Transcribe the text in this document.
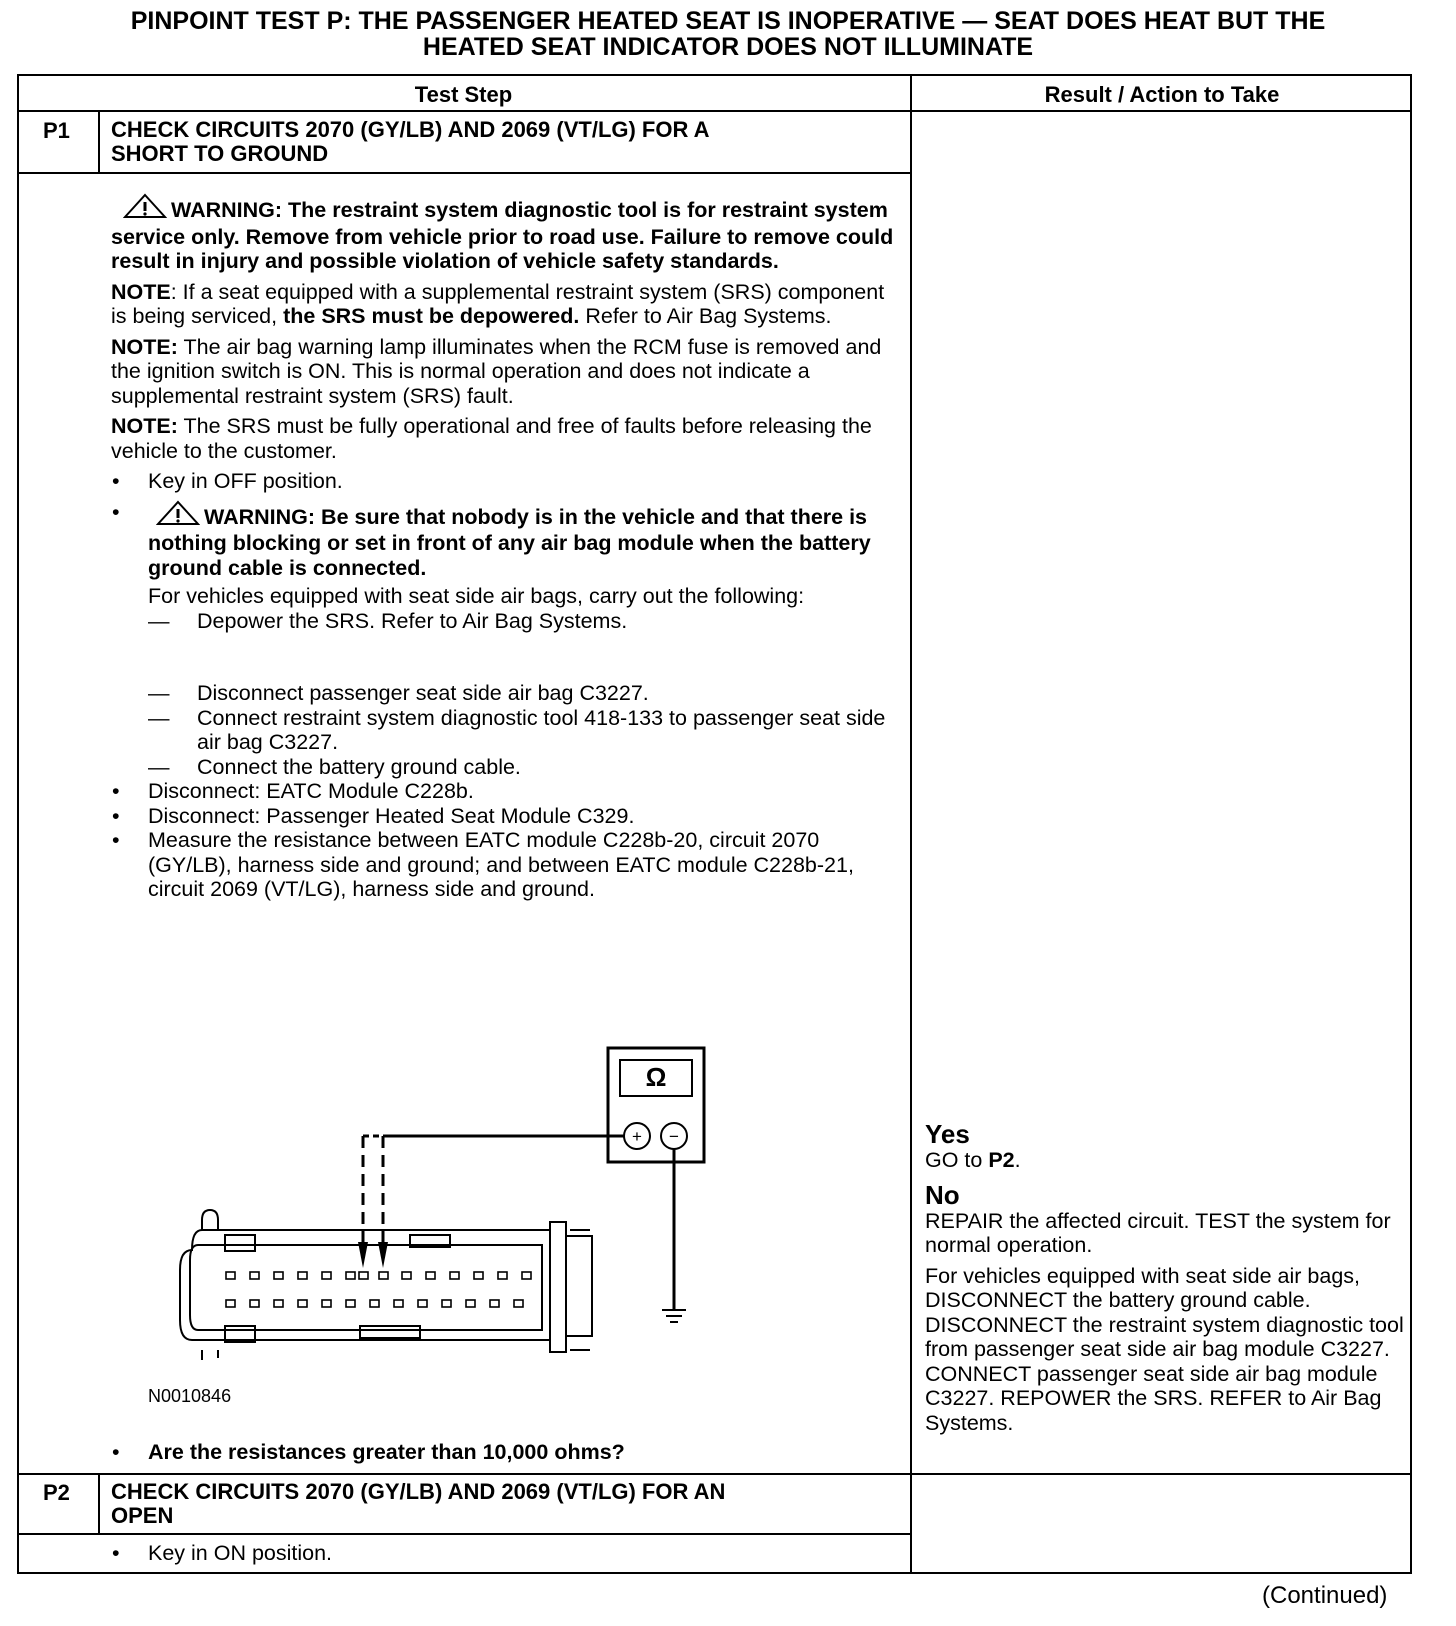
PINPOINT TEST P: THE PASSENGER HEATED SEAT IS INOPERATIVE — SEAT DOES HEAT BUT THE
HEATED SEAT INDICATOR DOES NOT ILLUMINATE
Test Step	Result / Action to Take
P1 CHECK CIRCUITS 2070 (GY/LB) AND 2069 (VT/LG) FOR A
SHORT TO GROUND

WARNING: The restraint system diagnostic tool is for restraint system service only. Remove from vehicle prior to road use. Failure to remove could result in injury and possible violation of vehicle safety standards.

NOTE: If a seat equipped with a supplemental restraint system (SRS) component is being serviced, the SRS must be depowered. Refer to Air Bag Systems.

NOTE: The air bag warning lamp illuminates when the RCM fuse is removed and the ignition switch is ON. This is normal operation and does not indicate a supplemental restraint system (SRS) fault.

NOTE: The SRS must be fully operational and free of faults before releasing the vehicle to the customer.

• Key in OFF position.

•	WARNING: Be sure that nobody is in the vehicle and that there is nothing blocking or set in front of any air bag module when the battery ground cable is connected.

For vehicles equipped with seat side air bags, carry out the following:

— Depower the SRS. Refer to Air Bag Systems.

— Disconnect passenger seat side air bag C3227.

— Connect restraint system diagnostic tool 418-133 to passenger seat side air bag C3227.

— Connect the battery ground cable.

• Disconnect: EATC Module C228b.

• Disconnect: Passenger Heated Seat Module C329.

• Measure the resistance between EATC module C228b-20, circuit 2070 (GY/LB), harness side and ground; and between EATC module C228b-21, circuit 2069 (VT/LG), harness side and ground.

Ω
+ −
N0010846

• Are the resistances greater than 10,000 ohms?

Yes

GO to P2.

No

REPAIR the affected circuit. TEST the system for normal operation.

For vehicles equipped with seat side air bags, DISCONNECT the battery ground cable. DISCONNECT the restraint system diagnostic tool from passenger seat side air bag module C3227. CONNECT passenger seat side air bag module C3227. REPOWER the SRS. REFER to Air Bag Systems.

P2 CHECK CIRCUITS 2070 (GY/LB) AND 2069 (VT/LG) FOR AN
OPEN

• Key in ON position.

(Continued)
